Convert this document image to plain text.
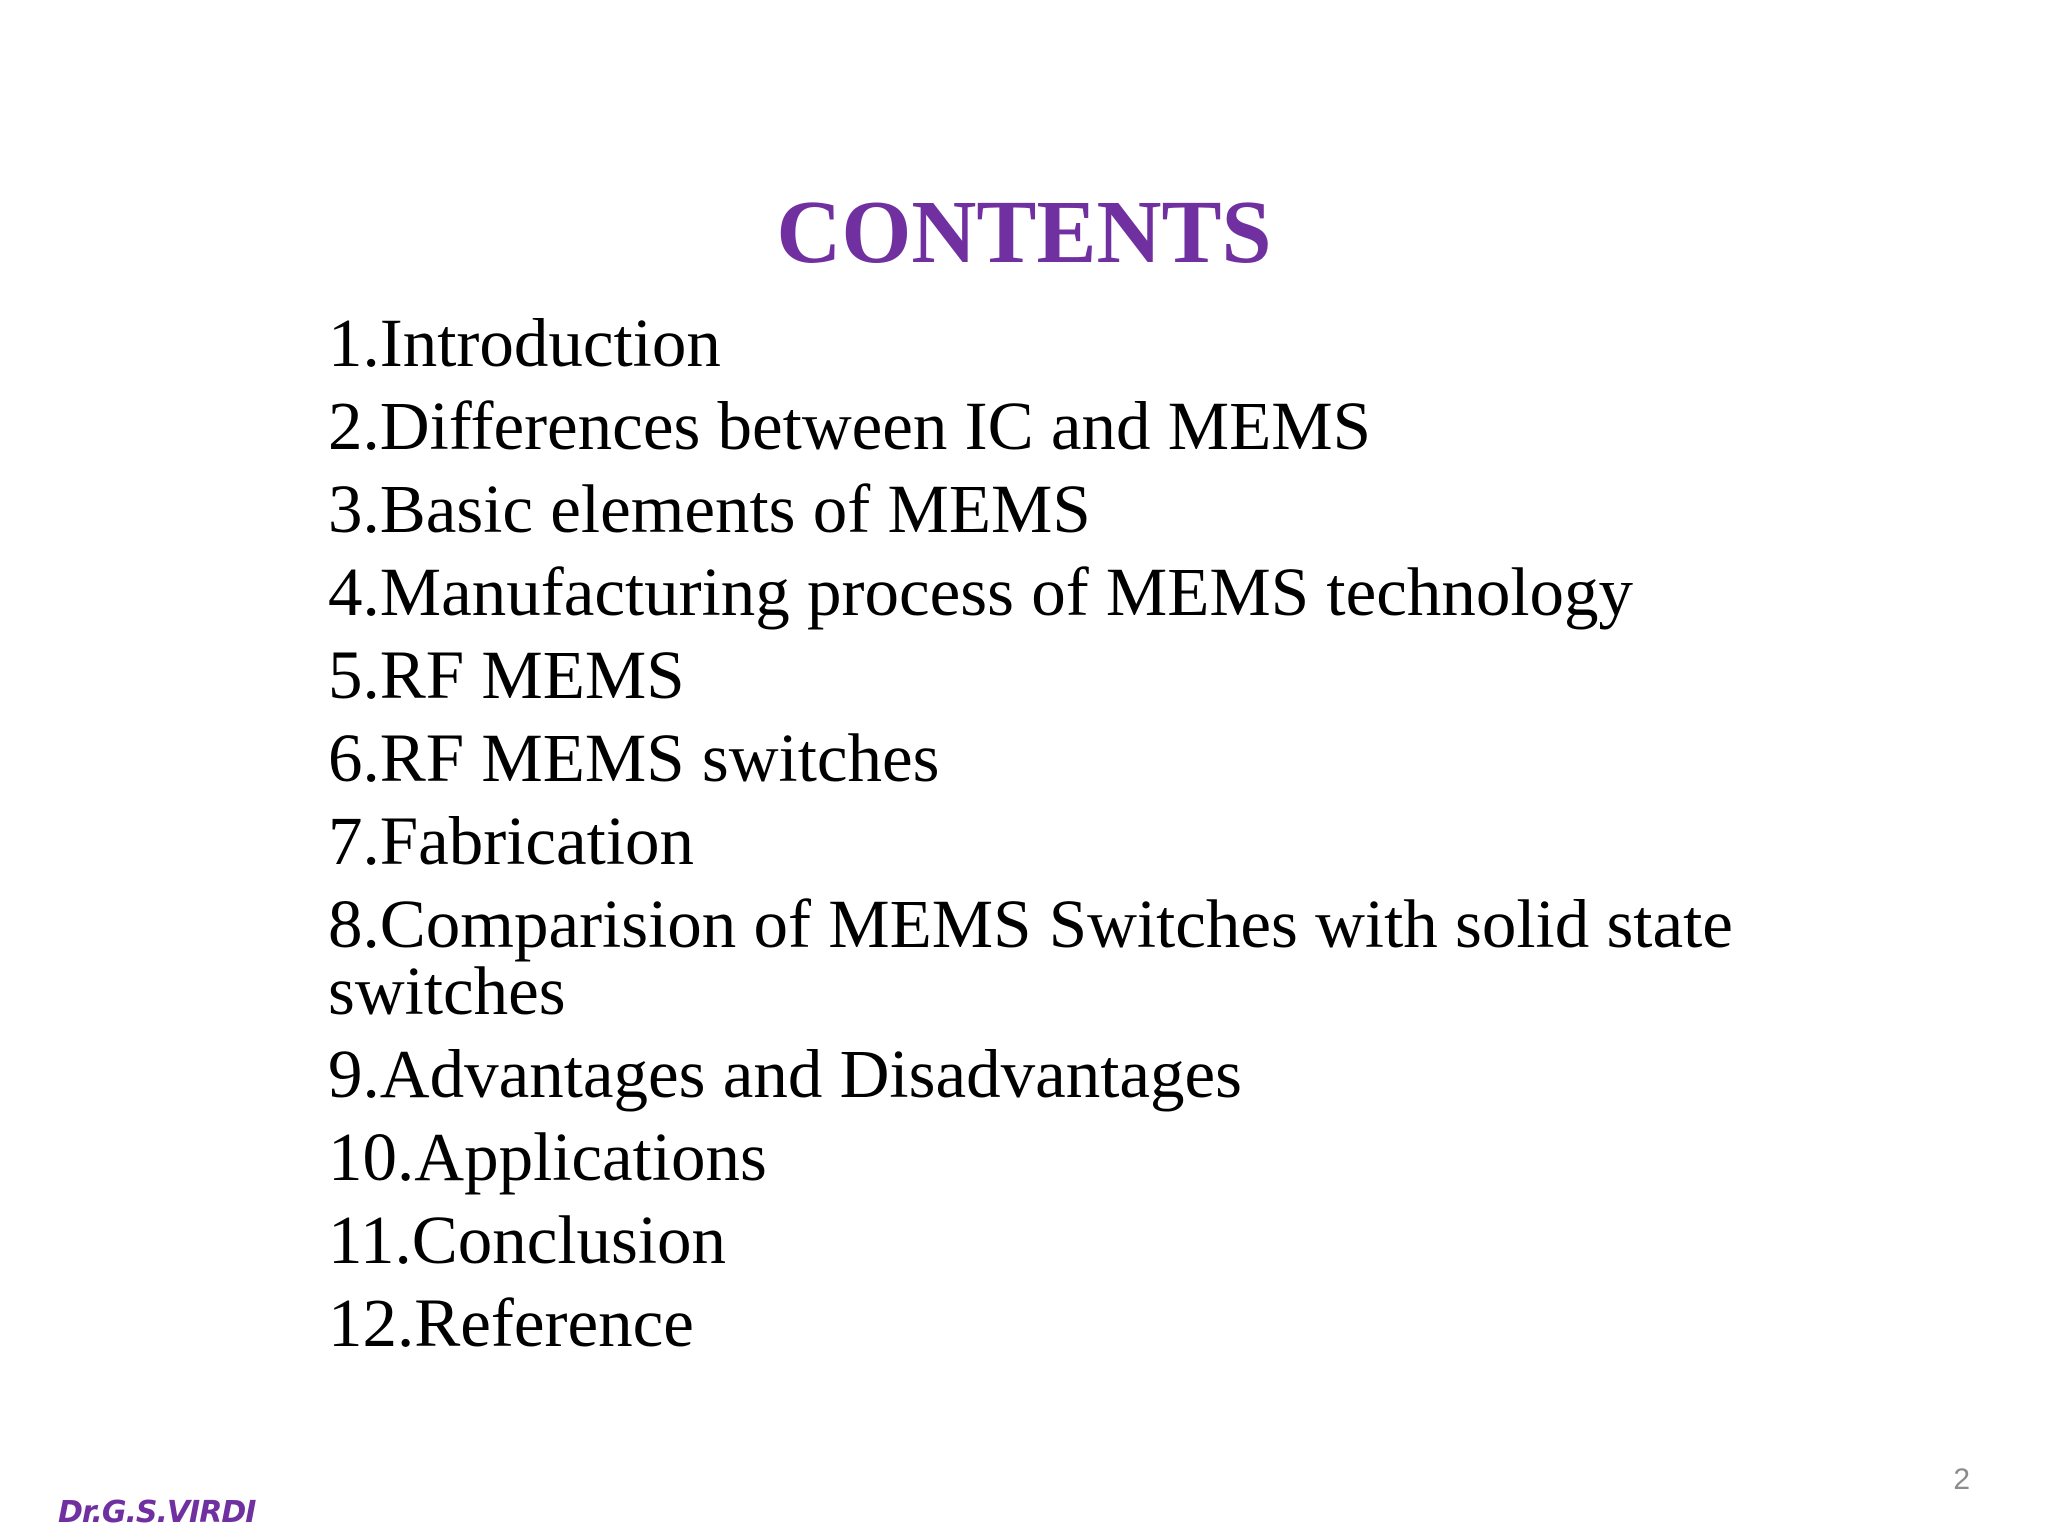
CONTENTS
1.Introduction
2.Differences between IC and MEMS
3.Basic elements of MEMS
4.Manufacturing process of MEMS technology
5.RF MEMS
6.RF MEMS switches
7.Fabrication
8.Comparision of MEMS Switches with solid state switches
9.Advantages and Disadvantages
10.Applications
11.Conclusion
12.Reference
2
Dr.G.S.VIRDI
